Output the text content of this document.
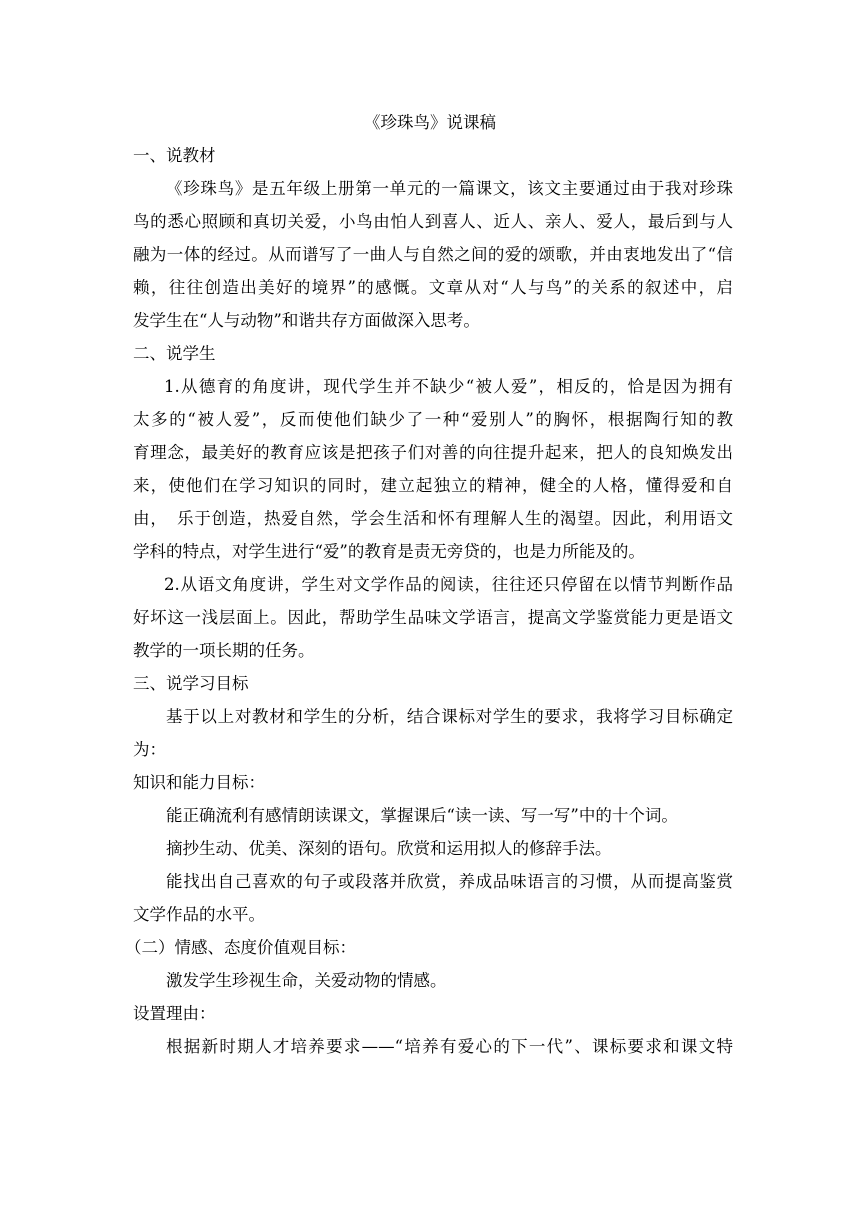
《珍珠鸟》说课稿
一、说教材
《珍珠鸟》是五年级上册第一单元的一篇课文，该文主要通过由于我对珍珠
鸟的悉心照顾和真切关爱，小鸟由怕人到喜人、近人、亲人、爱人，最后到与人
融为一体的经过。从而谱写了一曲人与自然之间的爱的颂歌，并由衷地发出了“信
赖，往往创造出美好的境界”的感慨。文章从对“人与鸟”的关系的叙述中，启
发学生在“人与动物”和谐共存方面做深入思考。
二、说学生
1.从德育的角度讲，现代学生并不缺少“被人爱”，相反的，恰是因为拥有
太多的“被人爱”，反而使他们缺少了一种“爱别人”的胸怀，根据陶行知的教
育理念，最美好的教育应该是把孩子们对善的向往提升起来，把人的良知焕发出
来，使他们在学习知识的同时，建立起独立的精神，健全的人格，懂得爱和自
由，　乐于创造，热爱自然，学会生活和怀有理解人生的渴望。因此，利用语文
学科的特点，对学生进行“爱”的教育是责无旁贷的，也是力所能及的。
2.从语文角度讲，学生对文学作品的阅读，往往还只停留在以情节判断作品
好坏这一浅层面上。因此，帮助学生品味文学语言，提高文学鉴赏能力更是语文
教学的一项长期的任务。
三、说学习目标
基于以上对教材和学生的分析，结合课标对学生的要求，我将学习目标确定
为：
知识和能力目标：
能正确流利有感情朗读课文，掌握课后“读一读、写一写”中的十个词。
摘抄生动、优美、深刻的语句。欣赏和运用拟人的修辞手法。
能找出自己喜欢的句子或段落并欣赏，养成品味语言的习惯，从而提高鉴赏
文学作品的水平。
（二）情感、态度价值观目标：
激发学生珍视生命，关爱动物的情感。
设置理由：
根据新时期人才培养要求——“培养有爱心的下一代”、课标要求和课文特
